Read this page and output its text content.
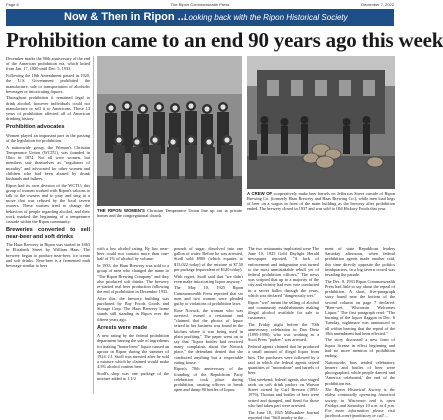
Page 6	The Ripon Commonwealth Press	December 7, 2022
Now & Then in Ripon ...
Looking back with the Ripon Historical Society
Prohibition came to an end 90 years ago this week

December marks the 90th anniversary of the end of the American prohibition era, which lasted from Jan. 17, 1920 until Dec. 5, 1933.

Following the 18th Amendment passed in 1920, the U.S. Government prohibited the manufacture, sale or transportation of alcoholic beverages or intoxicating liquors.

Throughout prohibition it remained legal to drink alcohol, however individuals could not manufacture or sell it to Americans. These 13 years of prohibition affected all of American drinking history.

Prohibition advocates

Women played an important part in the passing of the legislation for prohibition.

A nationwide group, the Woman's Christian Temperance Union (WCTU), was founded in Ohio in 1874. Not all were women, but members saw themselves as "regulators of morality" and advocated for other women and children who had been abused by drunk husbands and fathers.

Ripon had its own division of the WCTU; this group of women worked with Ripon's saloons to talk to the owners and to pray and sing in a move that was refused by the local tavern owners. These women tried to change the behaviors of people regarding alcohol, and their work marked the beginning of a temperance crusade within the Ripon community.

Breweries converted to sell near-beer and soft drinks

The Haas Brewery in Ripon was started in 1863 in Elizabeth Street by William Haas. The brewery began to produce near-beer, ice cream and soft drinks. Near-beer is a fermented malt beverage similar to beer

THE RIPON WOMEN'S Christian Temperance Union line up out in private homes and the congregational church.
A CREW OF cooperatively make beer barrels on Jefferson Street outside of Ripon Brewing Co. (formerly Haas Brewery and Haas Brewing Co.), while men load kegs of beer on a wagon in front of the main building as the brewery after prohibition ended. The brewery closed in 1937 and was sold to Old Hickory Foods that year.

with a low alcohol rating. By law, near-beer could not contain more than one-half of 1% of alcohol by volume.

In 1933, the Haas Brewery was sold to a group of men who changed the name to "The Ripon Brewing Company" and they also produced soft drinks. The brewery re-started real beer production following the end of prohibition in December 1933.

After this, the brewery building was purchased by Bay Foods Goods and Storage Corp. The Haas Brewery home stands still standing in Ripon over the fifteen years ago.

Arrests were made

A new rating by the federal prohibition department barring the sale of ingredients for making "home brew" liquor caused an uproar in Ripon during the summer of 1924. J.J. Stodl was arrested after he sold a mixture which he claimed would make 4.5% alcohol content beer.

Stodl's shop was one package of the mixture added to 1 1/2

pounds of sugar, dissolved into one gallon of water. Before he was arrested, Stodl sold $900 (which equates to $13,022 today) of the mixture at $7.50 per package (equivalent of $120 today).

With regret, Stodl said that "we didn't even make intoxicating liquor anyway."

The May 10, 1925 Ripon Commonwealth Press reported that six men and two women were pleaded guilty to violations of prohibition laws.

Rose Novack, the woman who was arrested, owned a restaurant and "claimed that the photos of liquor seized in her business was found in the kitchen where it was being used in plain profiting." The paper went on to say that "liquor bottles had received many complaints about the Novack place," the defendant denied that she conducted anything but a respectable eating house.

Ripon's 70th anniversary of the founding of the Republican Party celebration took place during prohibition, causing officers to break open and dump 80 bottles of liquor.

The two restaurants implicated were The June 10, 1925 Gold Daylight Herald newspaper reported, "A lack of enforcement and indignation was turned to the most unmistakable rebuff yet of federal prohibition officers." The news was scripted that up to a majority of the city and vicinity had ever vote conducted in a secret ballot through the years, which was declared "dangerously wet."

Ripon "wet" meant the selling of alcohol and community establishments making illegal alcohol available for sale to customers.

The Friday night before the 70th anniversary celebration in Dan Dietz (1895-1996), who was working as a Scott Press "parker," was arrested.

Federal agents claimed that he produced a small amount of illegal liquor from him. The purchases were followed by a raid in which the federal agents seized quantities of "moonshine" and barrels of beer.

That weekend, federal agents also staged raids on soft drink parlors on Watson Street owned by Carl Bressen (1893-1976), Thomas and bottles of beer were seized and dumped, and fined for those who had taken part were arrested.

The June 18, 1925 Milwaukee Journal reported that "Still nearby to the ...

ment of state Republican leaders Saturday afternoon, when federal prohibition agents made another raid, this time directly opposite the politics headquarters, in a big tavern crowd was invading the parade.

The Dec. 8, 1933 Ripon Commonwealth Press had little to say about the repeal of prohibition. A short, five-paragraph story found near the bottom of the second column on page 7 declared: "Beer-wet, Wisconsin Welcomes Liquor." The first paragraph read: "The burning of the liquor flaggon in Dec. 6 Tuesday, nightmare was announced to all within hearing that the repeal of the 18th amendment had been effected."

The story discussed a new form of liquor license in effect beginning and had no more mention of prohibition ending.

Nationwide, bars tended celebratory hearers and bottles of beer were photographed, while people danced and 'America celebrated,' the end of the prohibition era.

The Ripon Historical Society is the oldest continually operating historical society in Wisconsin and is open Fridays and Saturdays 10 a.m. to 4 p.m. For more information please visit facebook.com/riponhistory or call ...
